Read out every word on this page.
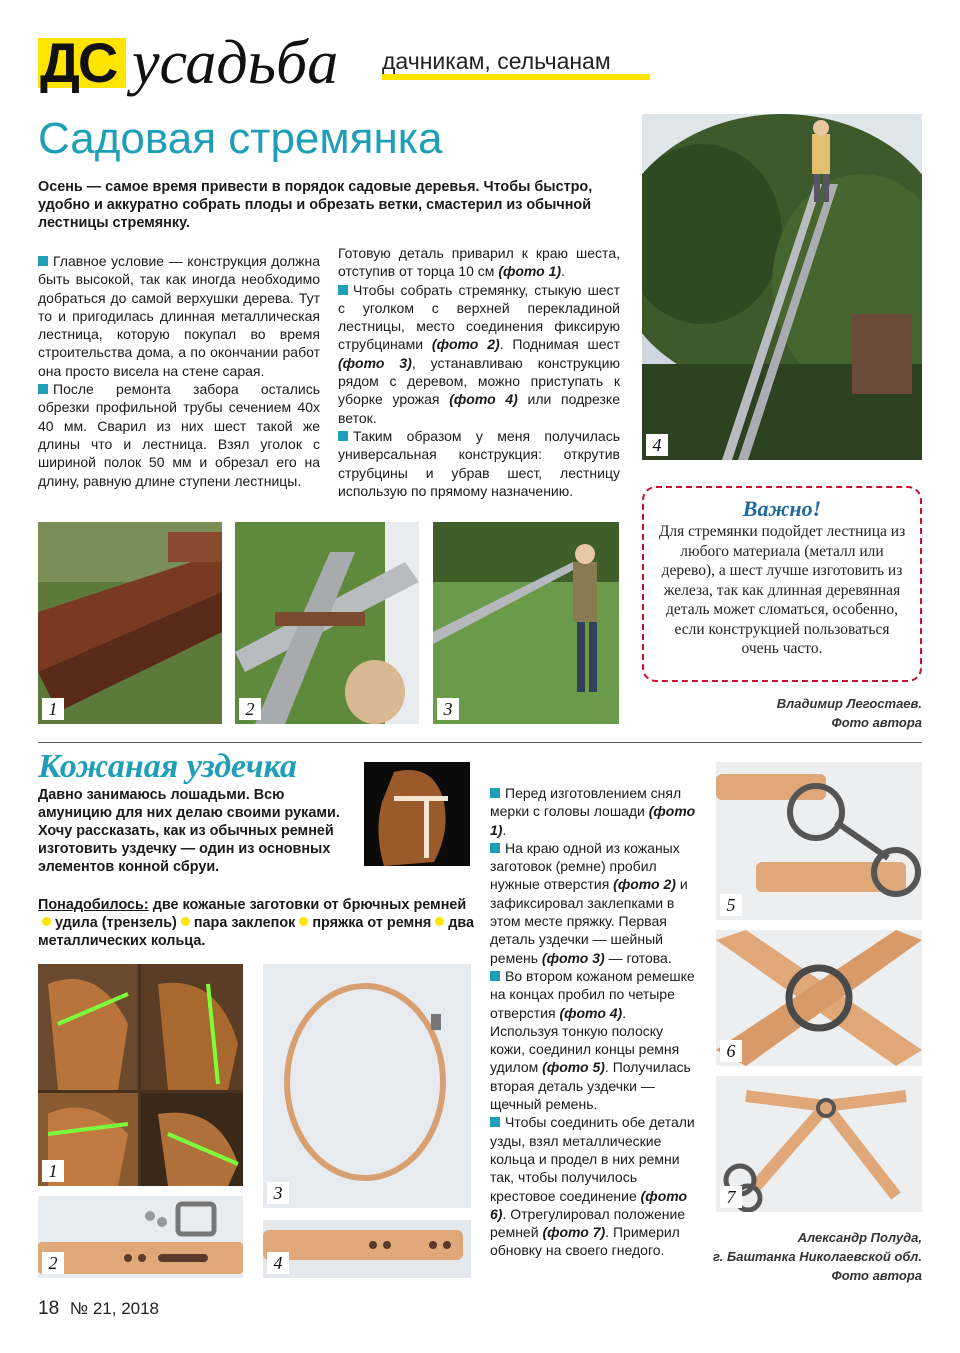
ДС усадьба дачникам, сельчанам
Садовая стремянка
Осень — самое время привести в порядок садовые деревья. Чтобы быстро, удобно и аккуратно собрать плоды и обрезать ветки, смастерил из обычной лестницы стремянку.

Главное условие — конструкция должна быть высокой, так как иногда необходимо добраться до самой верхушки дерева. Тут то и пригодилась длинная металлическая лестница, которую покупал во время строительства дома, а по окончании работ она просто висела на стене сарая.

После ремонта забора остались обрезки профильной трубы сечением 40х 40 мм. Сварил из них шест такой же длины что и лестница. Взял уголок с шириной полок 50 мм и обрезал его на длину, равную длине ступени лестницы.

Готовую деталь приварил к краю шеста, отступив от торца 10 см (фото 1).

Чтобы собрать стремянку, стыкую шест с уголком с верхней перекладиной лестницы, место соединения фиксирую струбцинами (фото 2). Поднимая шест (фото 3), устанавливаю конструкцию рядом с деревом, можно приступать к уборке урожая (фото 4) или подрезке веток.

Таким образом у меня получилась универсальная конструкция: открутив струбцины и убрав шест, лестницу использую по прямому назначению.

4
1	2	3
Важно!
Для стремянки подойдет лестница из любого материала (металл или дерево), а шест лучше изготовить из железа, так как длинная деревянная деталь может сломаться, особенно, если конструкцией пользоваться очень часто.
Владимир Легостаев.
Фото автора
Кожаная уздечка
Давно занимаюсь лошадьми. Всю амуницию для них делаю своими руками. Хочу рассказать, как из обычных ремней изготовить уздечку — один из основных элементов конной сбруи.
Понадобилось: две кожаные заготовки от брючных ремнейудила (трензель) пара заклепок пряжка от ремня два металлических кольца.

Перед изготовлением снял мерки с головы лошади (фото 1).

На краю одной из кожаных заготовок (ремне) пробил нужные отверстия (фото 2) и зафиксировал заклепками в этом месте пряжку. Первая деталь уздечки — шейный ремень (фото 3) — готова.

Во втором кожаном ремешке на концах пробил по четыре отверстия (фото 4). Используя тонкую полоску кожи, соединил концы ремня удилом (фото 5). Получилась вторая деталь уздечки — щечный ремень.

Чтобы соединить обе детали узды, взял металлические кольца и продел в них ремни так, чтобы получилось крестовое соединение (фото 6). Отрегулировал положение ремней (фото 7). Примерил обновку на своего гнедого.

1
2
3
4
5
6
7
Александр Полуда,
г. Баштанка Николаевской обл.
Фото автора
18 № 21, 2018
